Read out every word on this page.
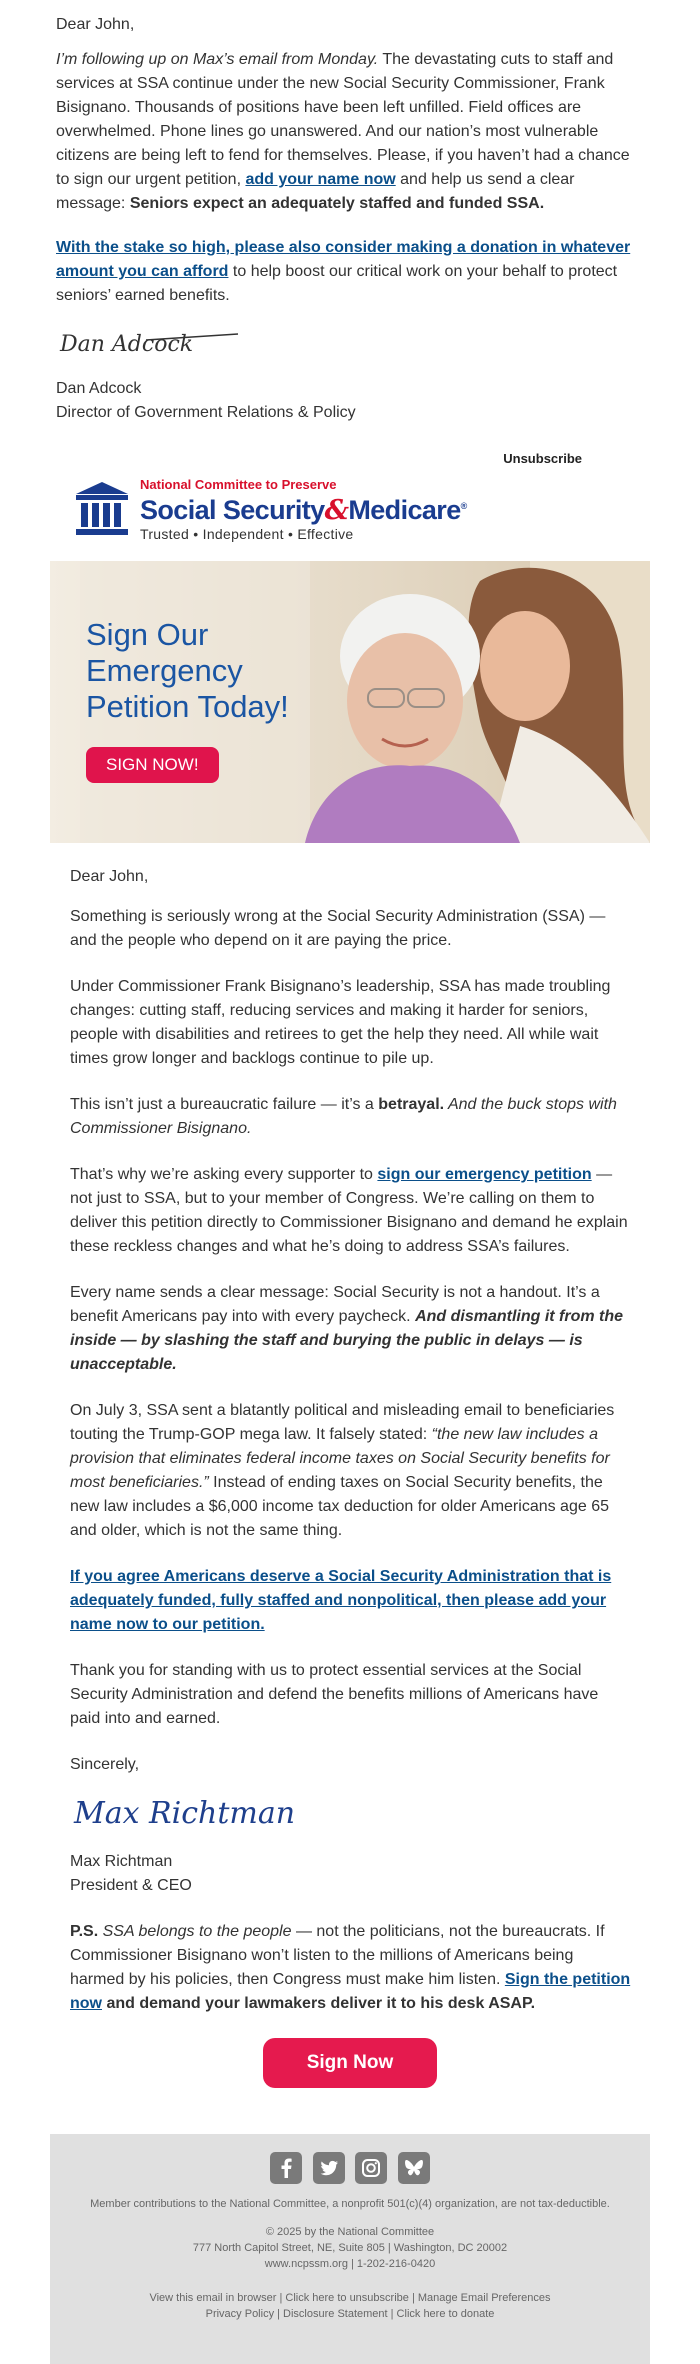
Dear John,

I’m following up on Max’s email from Monday. The devastating cuts to staff and services at SSA continue under the new Social Security Commissioner, Frank Bisignano. Thousands of positions have been left unfilled. Field offices are overwhelmed. Phone lines go unanswered. And our nation’s most vulnerable citizens are being left to fend for themselves. Please, if you haven’t had a chance to sign our urgent petition, add your name now and help us send a clear message: Seniors expect an adequately staffed and funded SSA.

With the stake so high, please also consider making a donation in whatever amount you can afford to help boost our critical work on your behalf to protect seniors’ earned benefits.

Dan Adcock

Dan Adcock

Director of Government Relations & Policy

Unsubscribe
National Committee to Preserve
Social Security&Medicare®
Trusted • Independent • Effective
Sign Our
Emergency
Petition Today!
SIGN NOW!

Dear John,

Something is seriously wrong at the Social Security Administration (SSA) — and the people who depend on it are paying the price.

Under Commissioner Frank Bisignano’s leadership, SSA has made troubling changes: cutting staff, reducing services and making it harder for seniors, people with disabilities and retirees to get the help they need. All while wait times grow longer and backlogs continue to pile up.

This isn’t just a bureaucratic failure — it’s a betrayal. And the buck stops with Commissioner Bisignano.

That’s why we’re asking every supporter to sign our emergency petition — not just to SSA, but to your member of Congress. We’re calling on them to deliver this petition directly to Commissioner Bisignano and demand he explain these reckless changes and what he’s doing to address SSA’s failures.

Every name sends a clear message: Social Security is not a handout. It’s a benefit Americans pay into with every paycheck. And dismantling it from the inside — by slashing the staff and burying the public in delays — is unacceptable.

On July 3, SSA sent a blatantly political and misleading email to beneficiaries touting the Trump-GOP mega law. It falsely stated: “the new law includes a provision that eliminates federal income taxes on Social Security benefits for most beneficiaries.” Instead of ending taxes on Social Security benefits, the new law includes a $6,000 income tax deduction for older Americans age 65 and older, which is not the same thing.

If you agree Americans deserve a Social Security Administration that is adequately funded, fully staffed and nonpolitical, then please add your name now to our petition.

Thank you for standing with us to protect essential services at the Social Security Administration and defend the benefits millions of Americans have paid into and earned.

Sincerely,

Max Richtman

Max Richtman

President & CEO

P.S. SSA belongs to the people — not the politicians, not the bureaucrats. If Commissioner Bisignano won’t listen to the millions of Americans being harmed by his policies, then Congress must make him listen. Sign the petition now and demand your lawmakers deliver it to his desk ASAP.

Sign Now

Member contributions to the National Committee, a nonprofit 501(c)(4) organization, are not tax-deductible.

© 2025 by the National Committee

777 North Capitol Street, NE, Suite 805 | Washington, DC 20002

www.ncpssm.org | 1-202-216-0420

View this email in browser | Click here to unsubscribe | Manage Email Preferences

Privacy Policy | Disclosure Statement | Click here to donate
